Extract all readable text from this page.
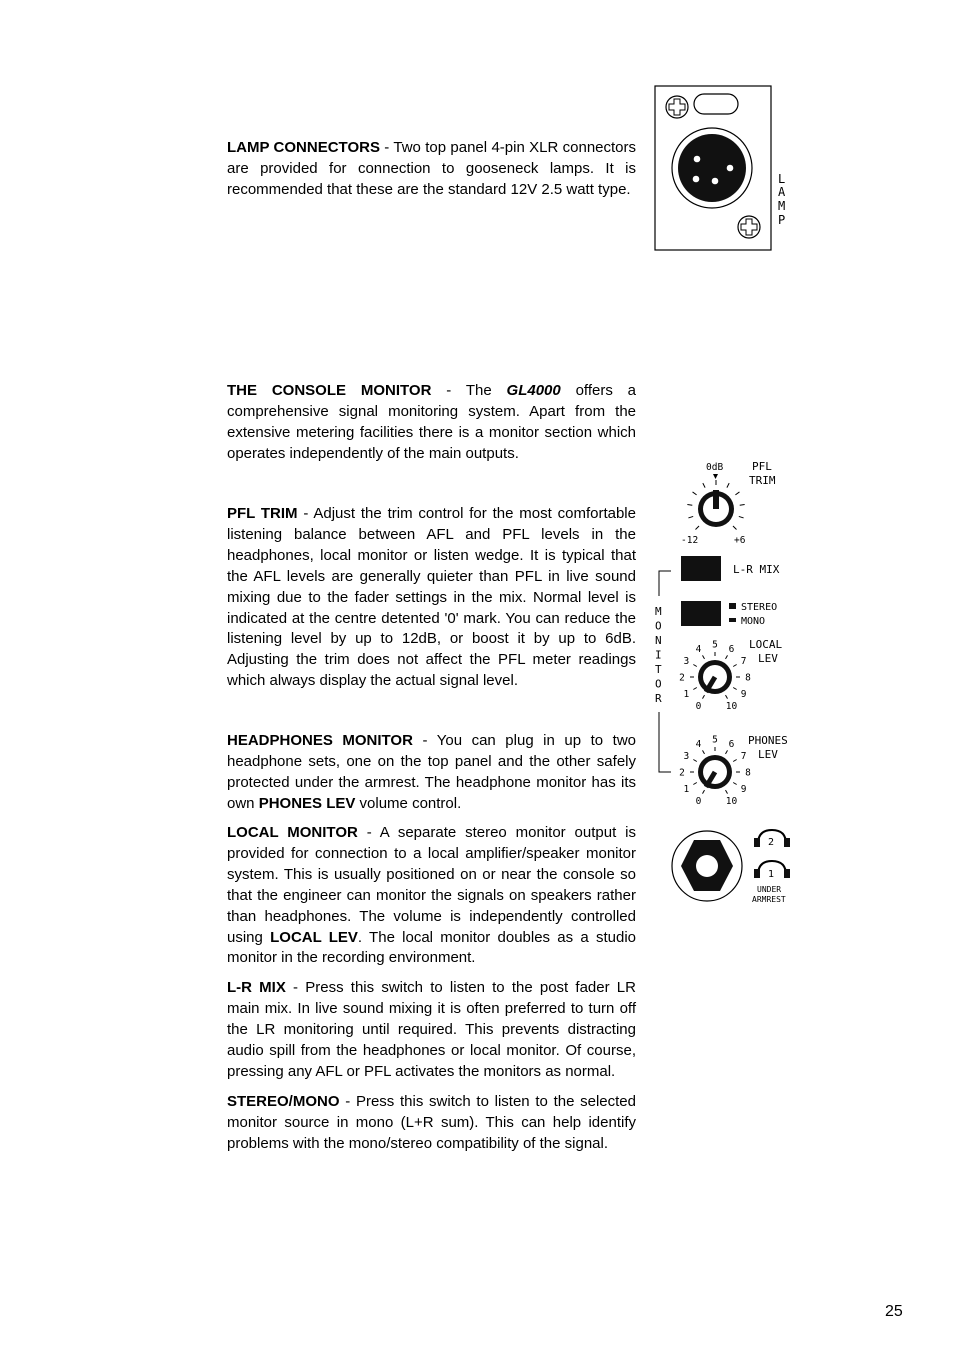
LAMP CONNECTORS - Two top panel 4-pin XLR connectors are provided for connection to gooseneck lamps. It is recommended that these are the standard 12V 2.5 watt type.
THE CONSOLE MONITOR - The GL4000 offers a comprehensive signal monitoring system. Apart from the extensive metering facilities there is a monitor section which operates independently of the main outputs.
PFL TRIM - Adjust the trim control for the most comfortable listening balance between AFL and PFL levels in the headphones, local monitor or listen wedge. It is typical that the AFL levels are generally quieter than PFL in live sound mixing due to the fader settings in the mix. Normal level is indicated at the centre detented '0' mark. You can reduce the listening level by up to 12dB, or boost it by up to 6dB. Adjusting the trim does not affect the PFL meter readings which always display the actual signal level.
HEADPHONES MONITOR - You can plug in up to two headphone sets, one on the top panel and the other safely protected under the armrest. The headphone monitor has its own PHONES LEV volume control.
LOCAL MONITOR - A separate stereo monitor output is provided for connection to a local amplifier/speaker monitor system. This is usually positioned on or near the console so that the engineer can monitor the signals on speakers rather than headphones. The volume is independently controlled using LOCAL LEV. The local monitor doubles as a studio monitor in the recording environment.
L-R MIX - Press this switch to listen to the post fader LR main mix. In live sound mixing it is often preferred to turn off the LR monitoring until required. This prevents distracting audio spill from the headphones or local monitor. Of course, pressing any AFL or PFL activates the monitors as normal.
STEREO/MONO - Press this switch to listen to the selected monitor source in mono (L+R sum). This can help identify problems with the mono/stereo compatibility of the signal.
L
A
M
P
0dB	PFL
TRIM
-12	+6
M
O
N
I
T
O
R
L-R MIX
STEREO
MONO
LOCAL
LEV
0
1
2
3
4 5 6
7
8
9
10
PHONES
LEV
0
1
2
3
4 5 6
7
8
9
10
2
1
UNDER
ARMREST
25
